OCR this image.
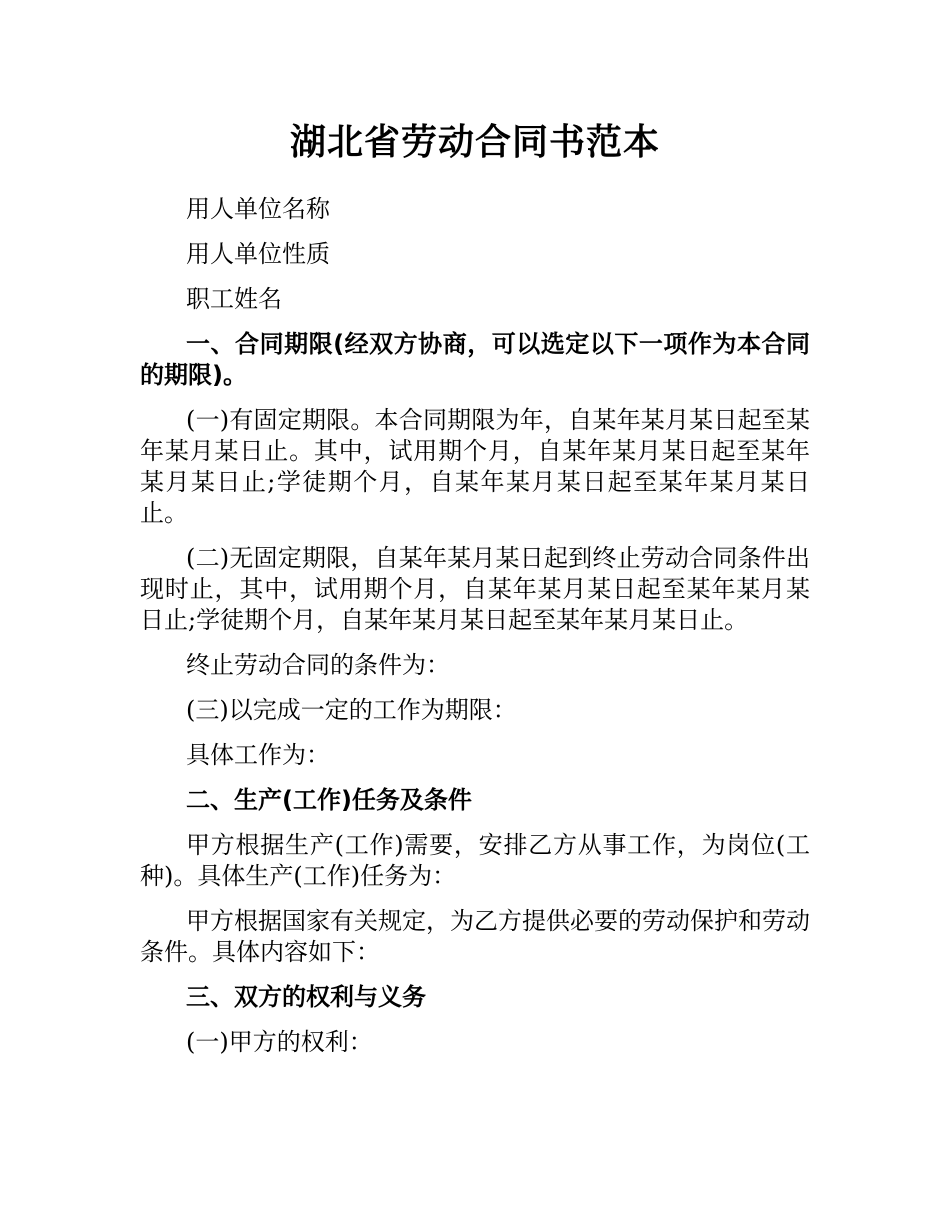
湖北省劳动合同书范本

用人单位名称

用人单位性质

职工姓名

一、合同期限(经双方协商，可以选定以下一项作为本合同的期限)。

(一)有固定期限。本合同期限为年，自某年某月某日起至某年某月某日止。其中，试用期个月，自某年某月某日起至某年某月某日止;学徒期个月，自某年某月某日起至某年某月某日止。

(二)无固定期限，自某年某月某日起到终止劳动合同条件出现时止，其中，试用期个月，自某年某月某日起至某年某月某日止;学徒期个月，自某年某月某日起至某年某月某日止。

终止劳动合同的条件为：

(三)以完成一定的工作为期限：

具体工作为：

二、生产(工作)任务及条件

甲方根据生产(工作)需要，安排乙方从事工作，为岗位(工种)。具体生产(工作)任务为：

甲方根据国家有关规定，为乙方提供必要的劳动保护和劳动条件。具体内容如下：

三、双方的权利与义务

(一)甲方的权利：
